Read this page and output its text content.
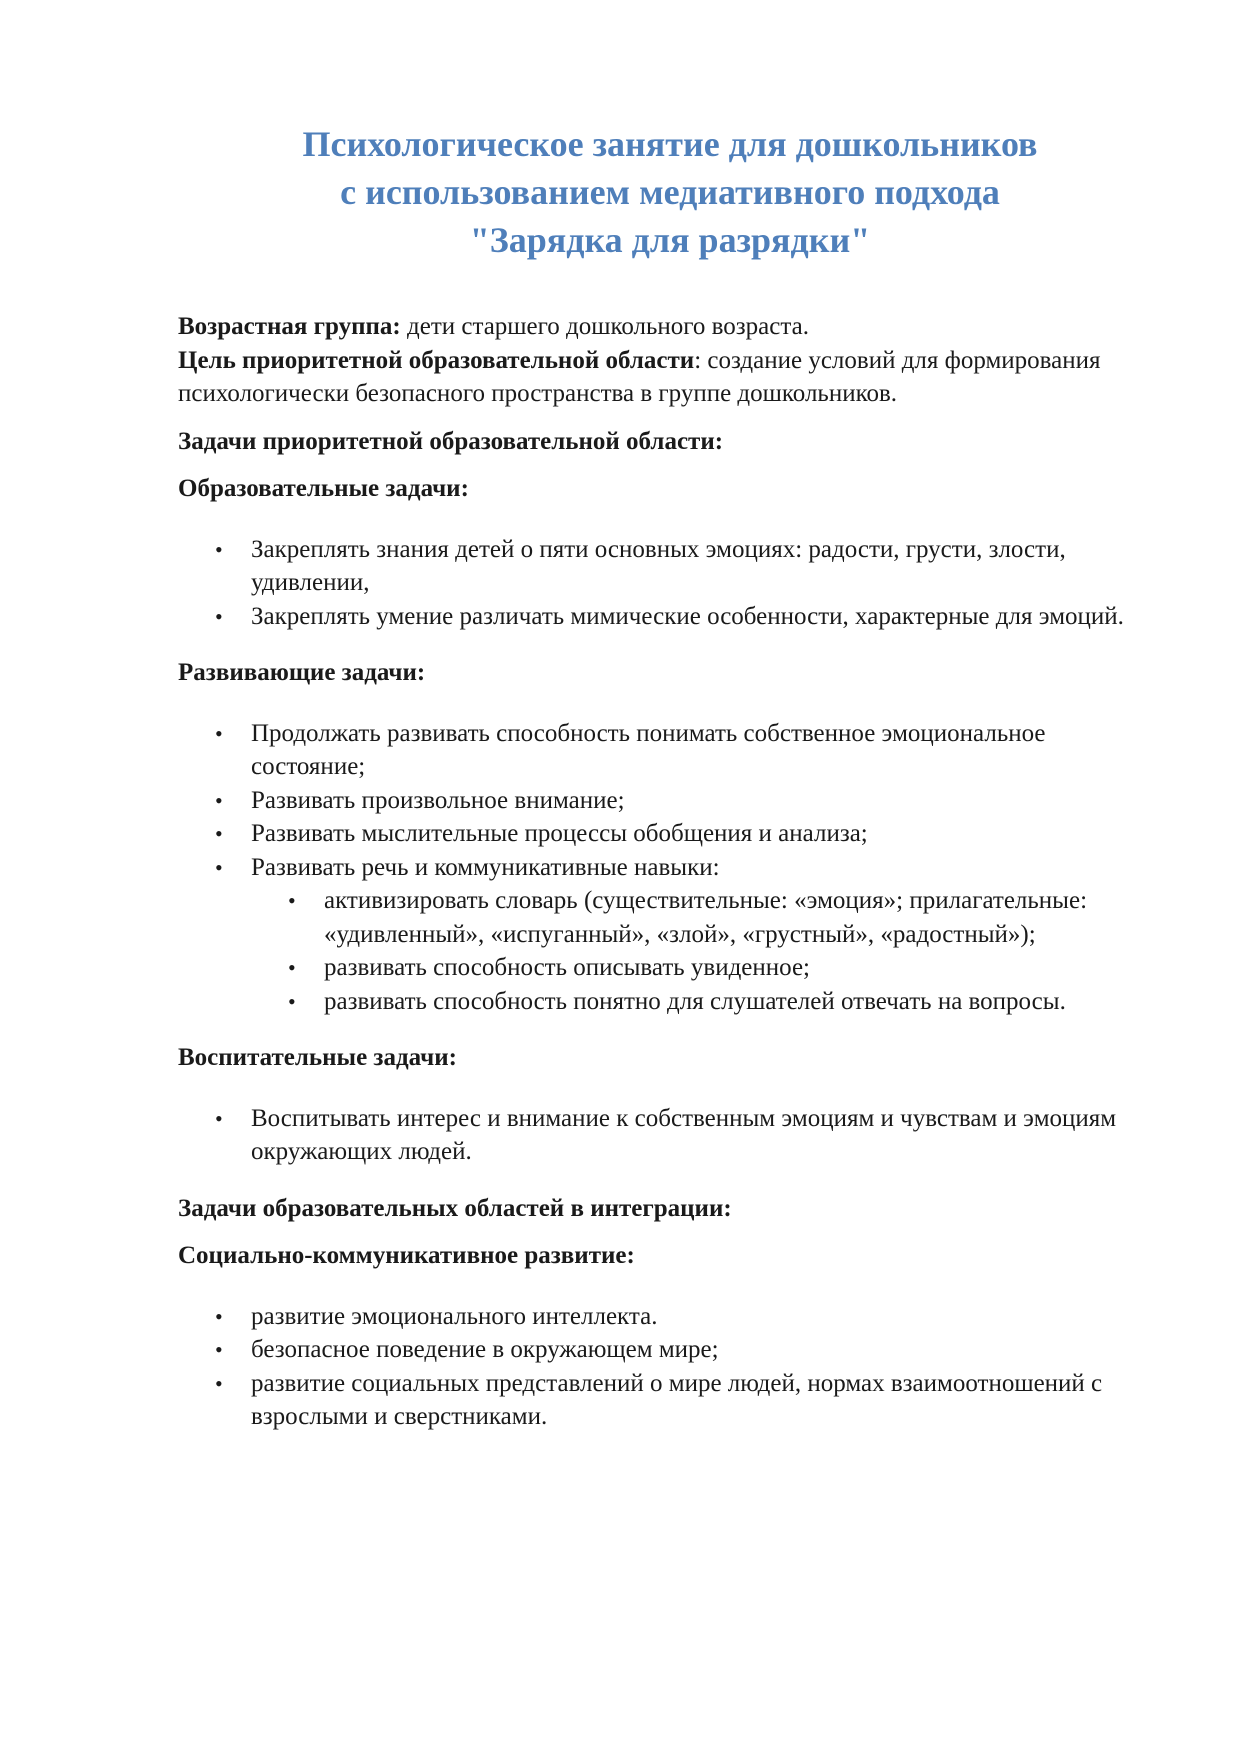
Психологическое занятие для дошкольников
с использованием медиативного подхода
"Зарядка для разрядки"

Возрастная группа: дети старшего дошкольного возраста.

Цель приоритетной образовательной области: создание условий для формирования психологически безопасного пространства в группе дошкольников.

Задачи приоритетной образовательной области:

Образовательные задачи:

• Закреплять знания детей о пяти основных эмоциях: радости, грусти, злости, удивлении,
• Закреплять умение различать мимические особенности, характерные для эмоций.

Развивающие задачи:

• Продолжать развивать способность понимать собственное эмоциональное состояние;
• Развивать произвольное внимание;
• Развивать мыслительные процессы обобщения и анализа;
• Развивать речь и коммуникативные навыки:
• активизировать словарь (существительные: «эмоция»; прилагательные: «удивленный», «испуганный», «злой», «грустный», «радостный»);
• развивать способность описывать увиденное;
• развивать способность понятно для слушателей отвечать на вопросы.

Воспитательные задачи:

• Воспитывать интерес и внимание к собственным эмоциям и чувствам и эмоциям окружающих людей.

Задачи образовательных областей в интеграции:

Социально-коммуникативное развитие:

• развитие эмоционального интеллекта.
• безопасное поведение в окружающем мире;
• развитие социальных представлений о мире людей, нормах взаимоотношений с взрослыми и сверстниками.
